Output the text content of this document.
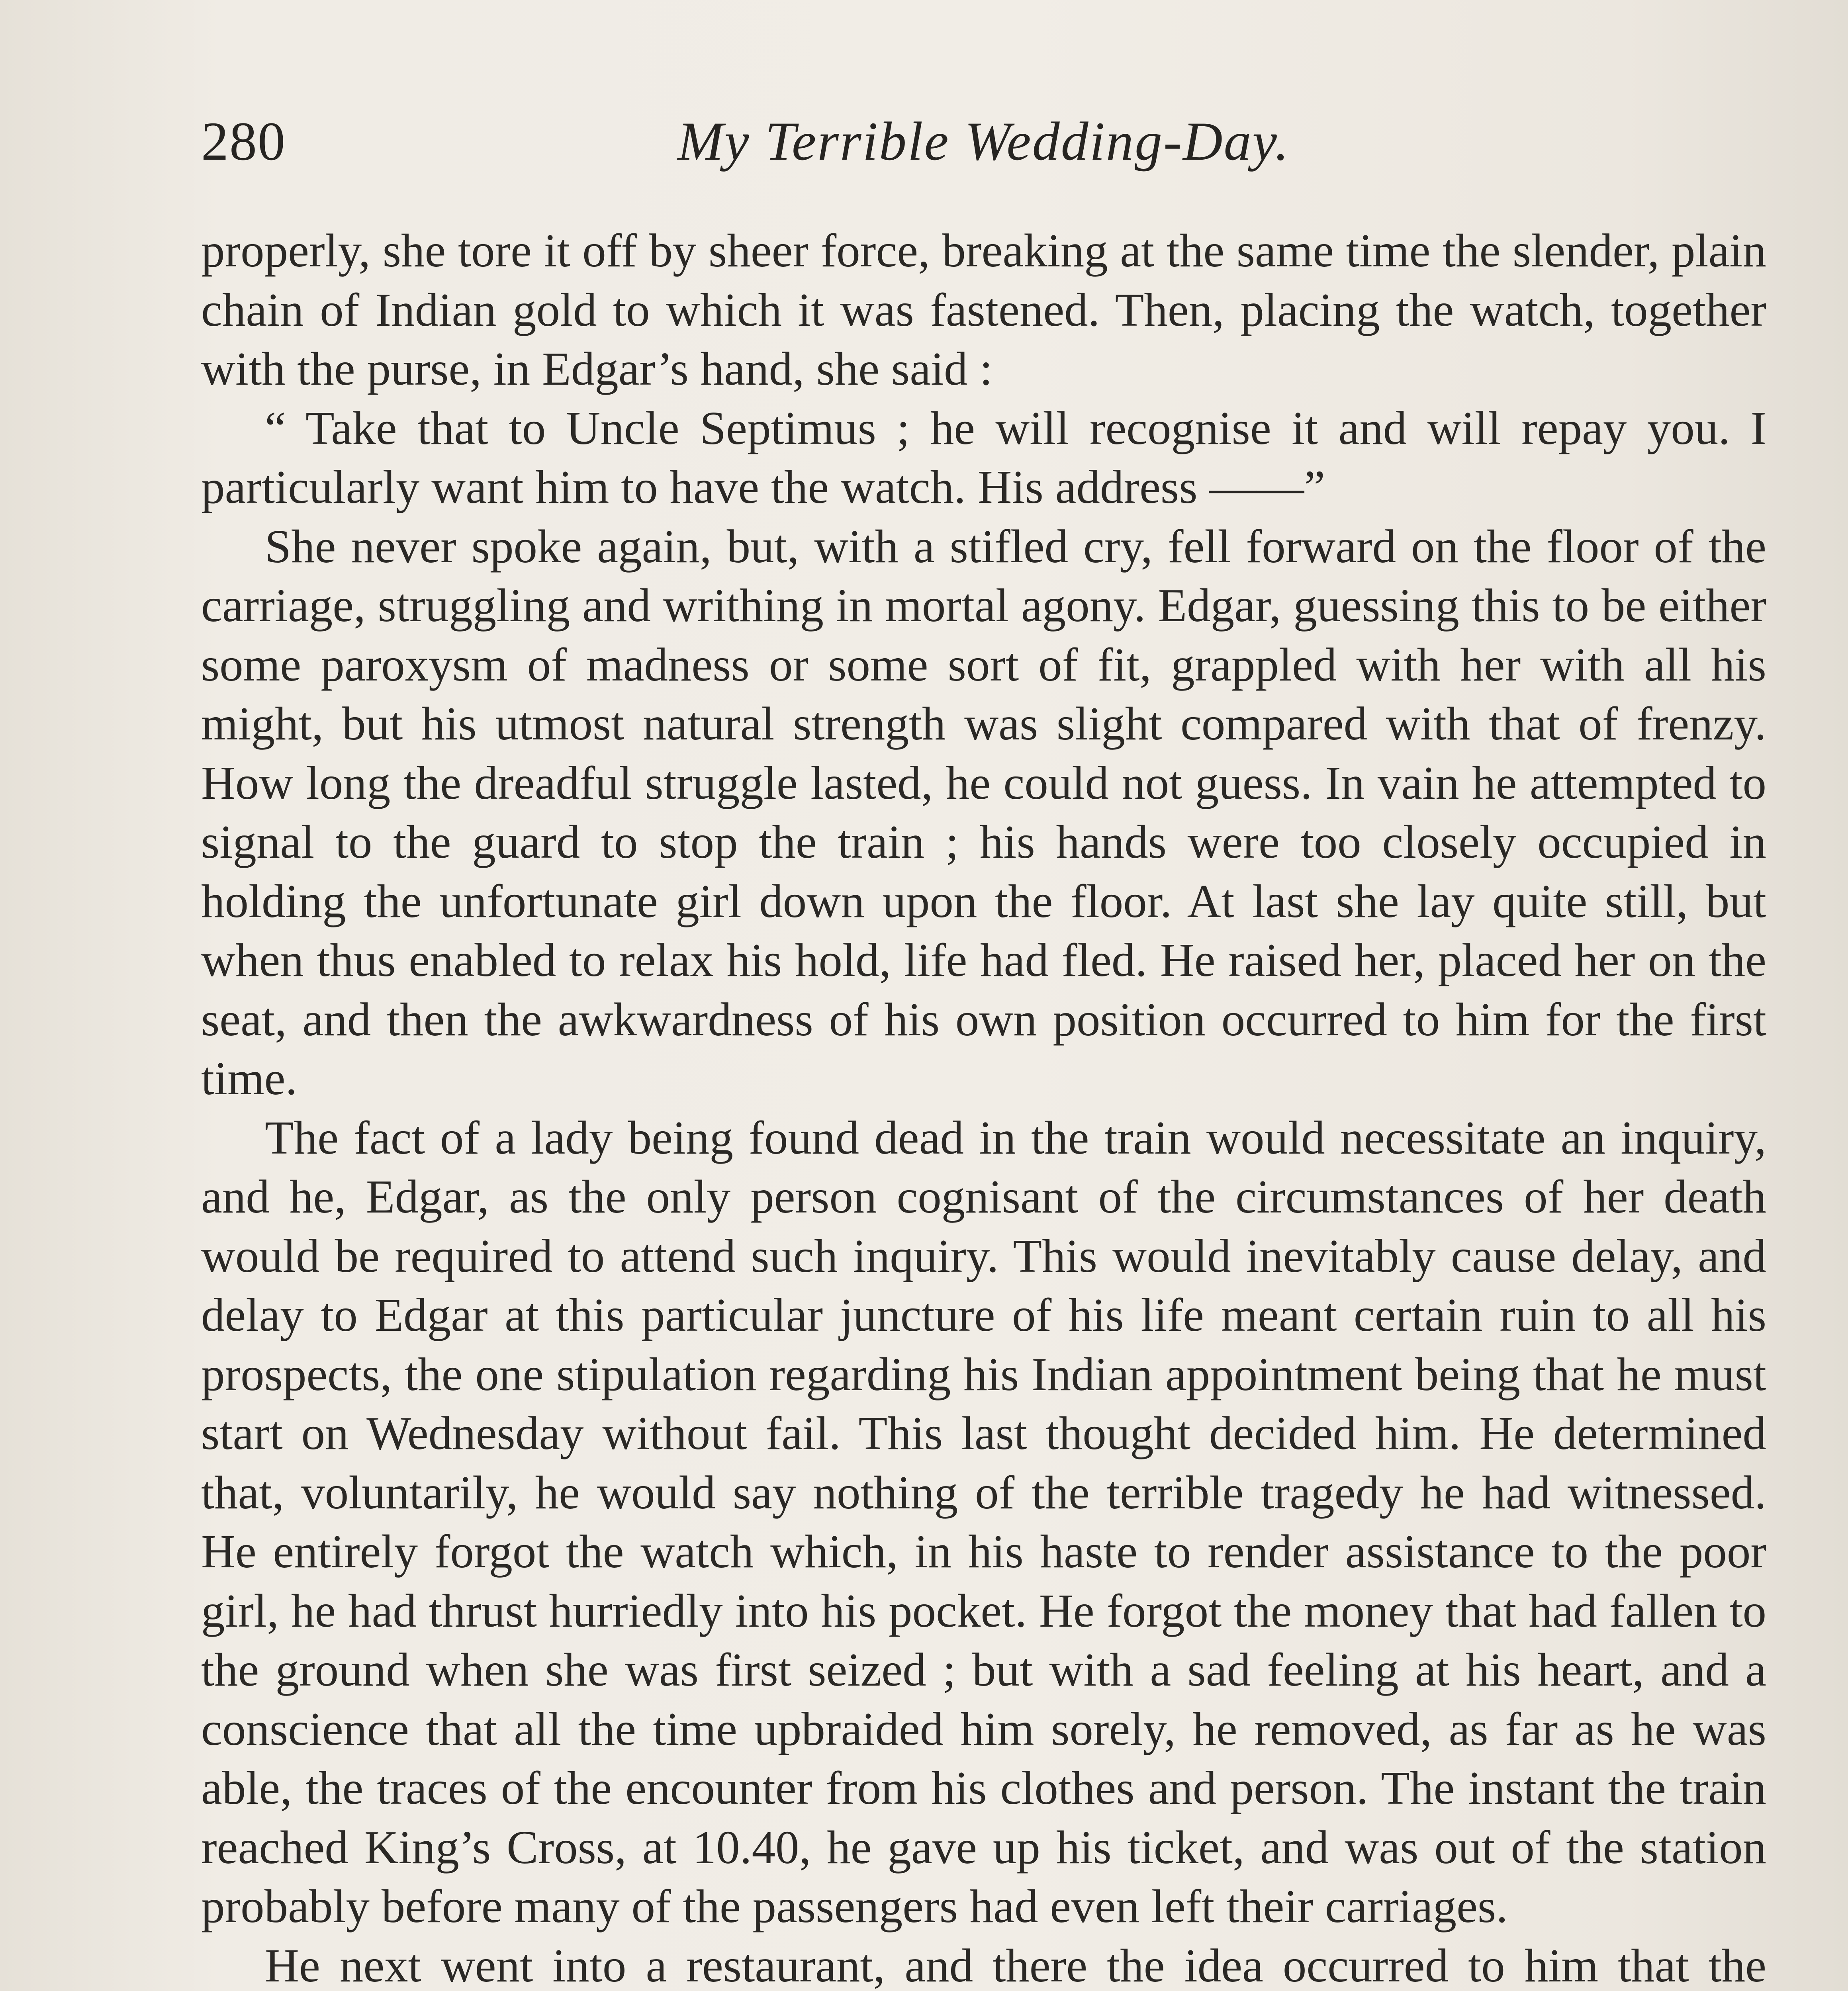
280	My Terrible Wedding-Day.

properly, she tore it off by sheer force, breaking at the same time the slender, plain chain of Indian gold to which it was fastened. Then, placing the watch, together with the purse, in Edgar’s hand, she said :

“ Take that to Uncle Septimus ; he will recognise it and will repay you. I particularly want him to have the watch. His address ——”

She never spoke again, but, with a stifled cry, fell forward on the floor of the carriage, struggling and writhing in mortal agony. Edgar, guessing this to be either some paroxysm of madness or some sort of fit, grappled with her with all his might, but his utmost natural strength was slight compared with that of frenzy. How long the dreadful struggle lasted, he could not guess. In vain he attempted to signal to the guard to stop the train ; his hands were too closely occupied in holding the unfortunate girl down upon the floor. At last she lay quite still, but when thus enabled to relax his hold, life had fled. He raised her, placed her on the seat, and then the awkwardness of his own position occurred to him for the first time.

The fact of a lady being found dead in the train would necessitate an inquiry, and he, Edgar, as the only person cognisant of the circumstances of her death would be required to attend such inquiry. This would inevitably cause delay, and delay to Edgar at this particular juncture of his life meant certain ruin to all his prospects, the one stipulation regarding his Indian appointment being that he must start on Wednesday without fail. This last thought decided him. He determined that, voluntarily, he would say nothing of the terrible tragedy he had witnessed. He entirely forgot the watch which, in his haste to render assistance to the poor girl, he had thrust hurriedly into his pocket. He forgot the money that had fallen to the ground when she was first seized ; but with a sad feeling at his heart, and a conscience that all the time upbraided him sorely, he removed, as far as he was able, the traces of the encounter from his clothes and person. The instant the train reached King’s Cross, at 10.40, he gave up his ticket, and was out of the station probably before many of the passengers had even left their carriages.

He next went into a restaurant, and there the idea occurred to him that the
